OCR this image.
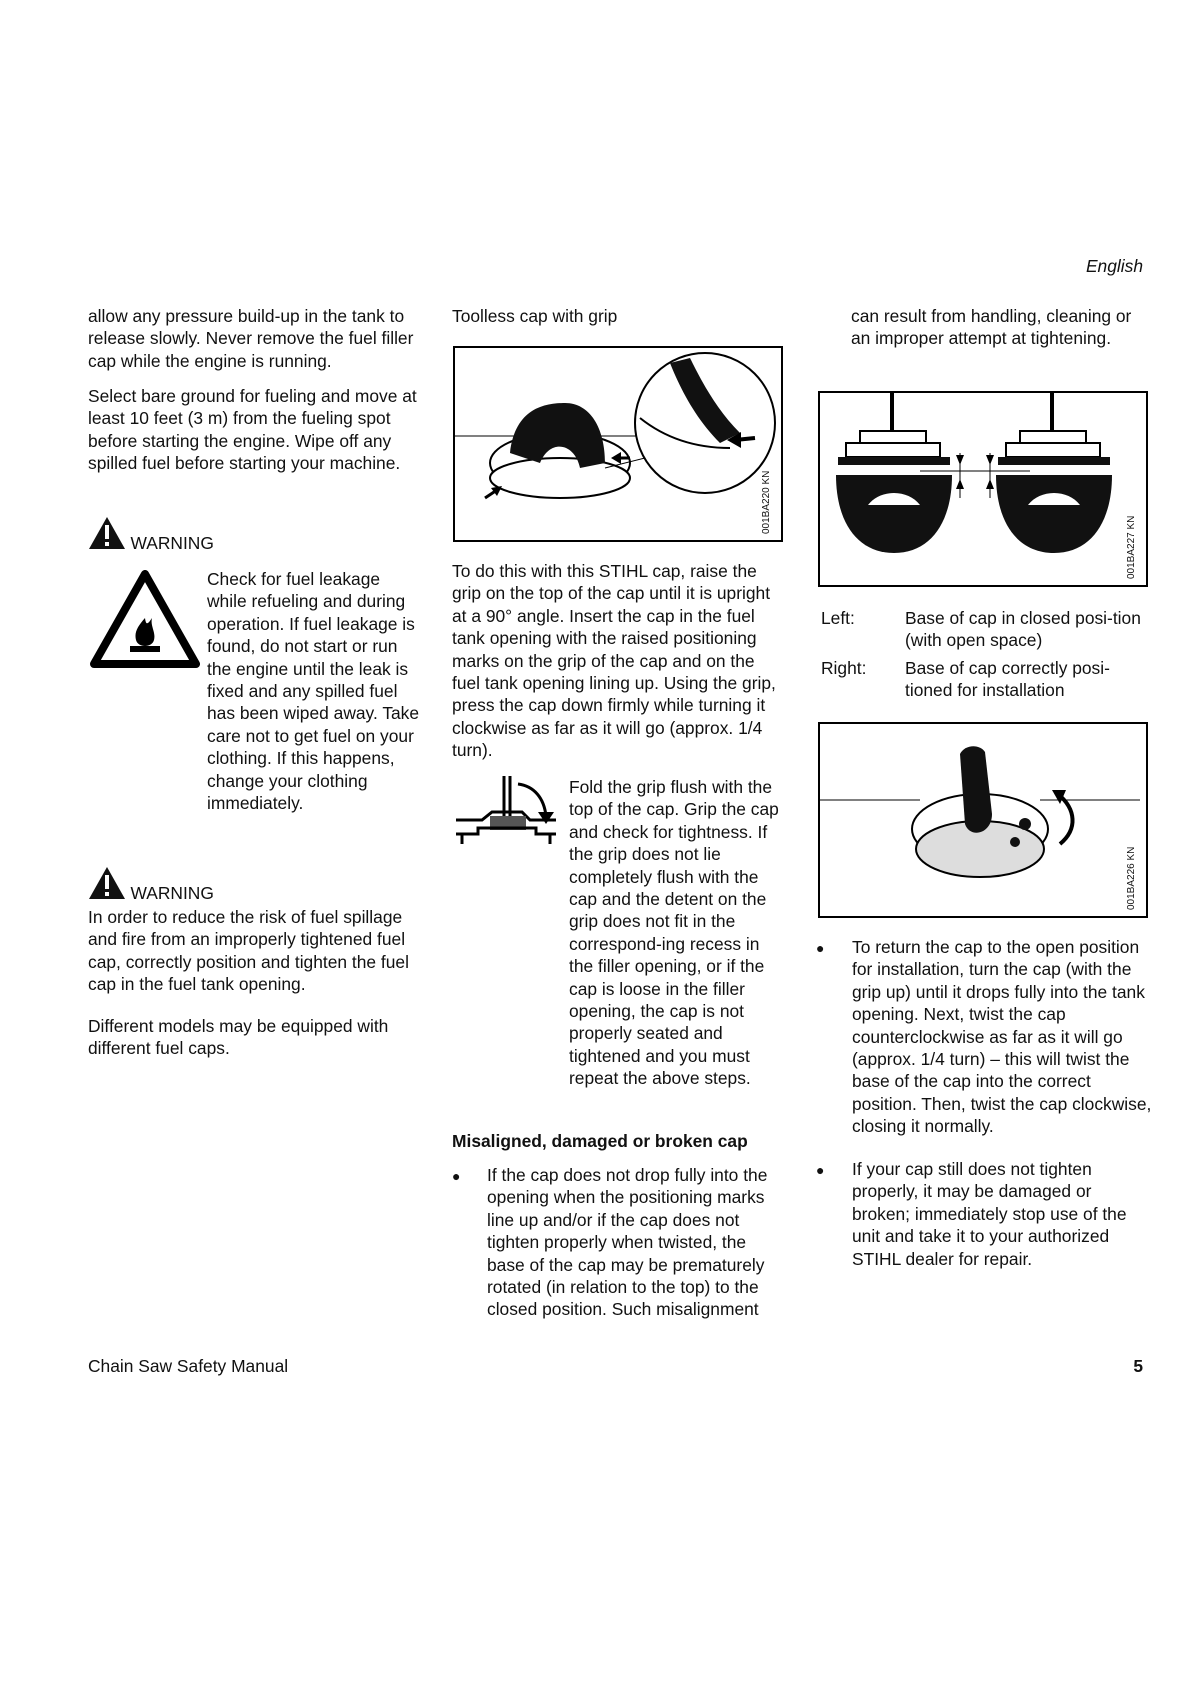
English
allow any pressure build-up in the tank to release slowly. Never remove the fuel filler cap while the engine is running.
Select bare ground for fueling and move at least 10 feet (3 m) from the fueling spot before starting the engine. Wipe off any spilled fuel before starting your machine.
WARNING
Check for fuel leakage while refueling and during operation. If fuel leakage is found, do not start or run the engine until the leak is fixed and any spilled fuel has been wiped away. Take care not to get fuel on your clothing. If this happens, change your clothing immediately.
WARNING
In order to reduce the risk of fuel spillage and fire from an improperly tightened fuel cap, correctly position and tighten the fuel cap in the fuel tank opening.
Different models may be equipped with different fuel caps.
Toolless cap with grip
001BA220 KN
To do this with this STIHL cap, raise the grip on the top of the cap until it is upright at a 90° angle. Insert the cap in the fuel tank opening with the raised positioning marks on the grip of the cap and on the fuel tank opening lining up. Using the grip, press the cap down firmly while turning it clockwise as far as it will go (approx. 1/4 turn).
Fold the grip flush with the top of the cap. Grip the cap and check for tightness. If the grip does not lie completely flush with the cap and the detent on the grip does not fit in the correspond-ing recess in the filler opening, or if the cap is loose in the filler opening, the cap is not properly seated and tightened and you must repeat the above steps.
Misaligned, damaged or broken cap
● If the cap does not drop fully into the opening when the positioning marks line up and/or if the cap does not tighten properly when twisted, the base of the cap may be prematurely rotated (in relation to the top) to the closed position. Such misalignment
can result from handling, cleaning or an improper attempt at tightening.
001BA227 KN
Left:	Base of cap in closed posi-tion (with open space)
Right: Base of cap correctly posi-tioned for installation
001BA226 KN
● To return the cap to the open position for installation, turn the cap (with the grip up) until it drops fully into the tank opening. Next, twist the cap counterclockwise as far as it will go (approx. 1/4 turn) – this will twist the base of the cap into the correct position. Then, twist the cap clockwise, closing it normally.
● If your cap still does not tighten properly, it may be damaged or broken; immediately stop use of the unit and take it to your authorized STIHL dealer for repair.
Chain Saw Safety Manual	5
